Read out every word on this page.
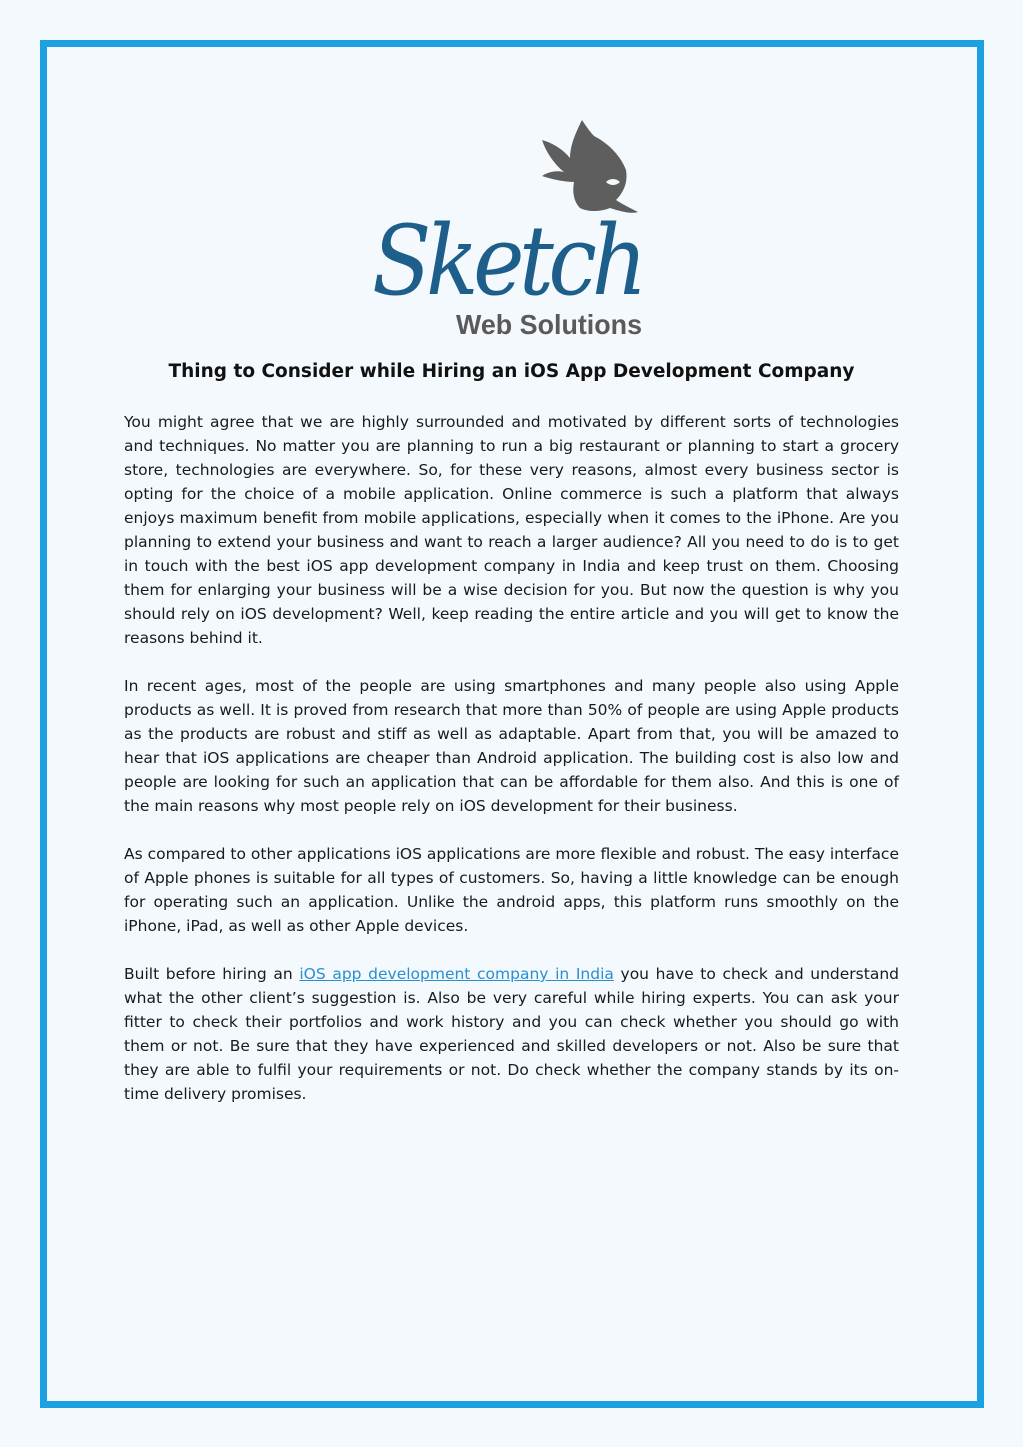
Sketch
Web Solutions
Thing to Consider while Hiring an iOS App Development Company

You might agree that we are highly surrounded and motivated by different sorts of technologies and techniques. No matter you are planning to run a big restaurant or planning to start a grocery store, technologies are everywhere. So, for these very reasons, almost every business sector is opting for the choice of a mobile application. Online commerce is such a platform that always enjoys maximum benefit from mobile applications, especially when it comes to the iPhone. Are you planning to extend your business and want to reach a larger audience? All you need to do is to get in touch with the best iOS app development company in India and keep trust on them. Choosing them for enlarging your business will be a wise decision for you. But now the question is why you should rely on iOS development? Well, keep reading the entire article and you will get to know the reasons behind it.

In recent ages, most of the people are using smartphones and many people also using Apple products as well. It is proved from research that more than 50% of people are using Apple products as the products are robust and stiff as well as adaptable. Apart from that, you will be amazed to hear that iOS applications are cheaper than Android application. The building cost is also low and people are looking for such an application that can be affordable for them also. And this is one of the main reasons why most people rely on iOS development for their business.

As compared to other applications iOS applications are more flexible and robust. The easy interface of Apple phones is suitable for all types of customers. So, having a little knowledge can be enough for operating such an application. Unlike the android apps, this platform runs smoothly on the iPhone, iPad, as well as other Apple devices.

Built before hiring an iOS app development company in India you have to check and understand what the other client’s suggestion is. Also be very careful while hiring experts. You can ask your fitter to check their portfolios and work history and you can check whether you should go with them or not. Be sure that they have experienced and skilled developers or not. Also be sure that they are able to fulfil your requirements or not. Do check whether the company stands by its on-time delivery promises.
